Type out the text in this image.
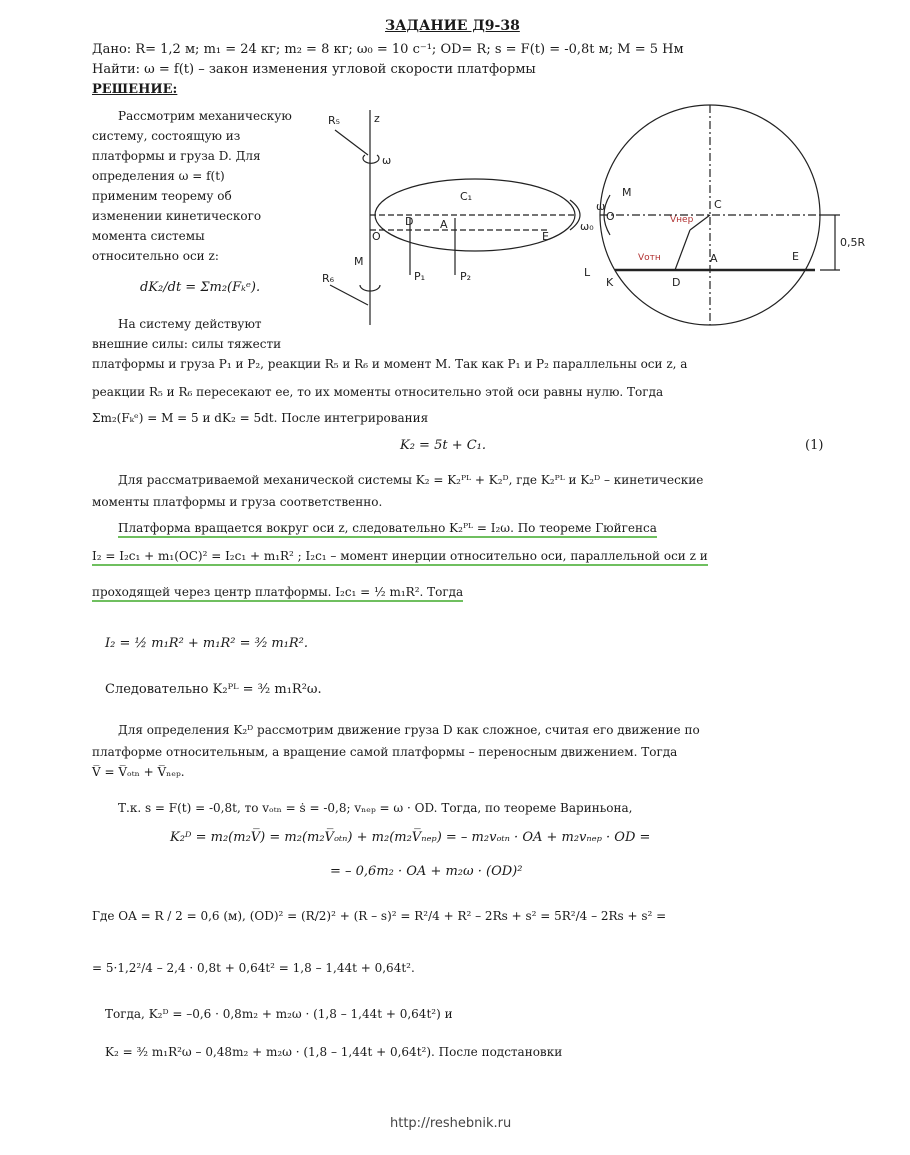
ЗАДАНИЕ Д9-38
Дано: R= 1,2 м; m₁ = 24 кг; m₂ = 8 кг; ω₀ = 10 с⁻¹; OD= R; s = F(t) = -0,8t м; M = 5 Нм
Найти: ω = f(t) – закон изменения угловой скорости платформы
РЕШЕНИЕ:
Рассмотрим механическую
систему, состоящую из
платформы и груза D. Для
определения ω = f(t)
применим теорему об
изменении кинетического
момента системы
относительно оси z:
dK₂/dt = Σm₂(Fₖᵉ).
На систему действуют
внешние силы: силы тяжести
R₅	z
ω
C₁
O
A
D
E
M
R₆	P₁	P₂
ω₀
M
O
C
A	E
L
K	D
0,5R
ω
Vнер
Vотн
платформы и груза P₁ и P₂, реакции R₅ и R₆ и момент M. Так как P₁ и P₂ параллельны оси z, а
реакции R₅ и R₆ пересекают ее, то их моменты относительно этой оси равны нулю. Тогда
Σm₂(Fₖᵉ) = M = 5 и dK₂ = 5dt. После интегрирования
K₂ = 5t + C₁.	(1)
Для рассматриваемой механической системы K₂ = K₂ᴾᴸ + K₂ᴰ, где K₂ᴾᴸ и K₂ᴰ – кинетические
моменты платформы и груза соответственно.
Платформа вращается вокруг оси z, следовательно K₂ᴾᴸ = I₂ω. По теореме Гюйгенса
I₂ = I₂c₁ + m₁(OC)² = I₂c₁ + m₁R² ; I₂c₁ – момент инерции относительно оси, параллельной оси z и
проходящей через центр платформы. I₂c₁ = ½ m₁R². Тогда
I₂ = ½ m₁R² + m₁R² = ³⁄₂ m₁R².
Следовательно K₂ᴾᴸ = ³⁄₂ m₁R²ω.
Для определения K₂ᴰ рассмотрим движение груза D как сложное, считая его движение по
платформе относительным, а вращение самой платформы – переносным движением. Тогда
V̅ = V̅ₒₜₙ + V̅ₙₑₚ.
Т.к. s = F(t) = -0,8t, то vₒₜₙ = ṡ = -0,8; vₙₑₚ = ω · OD. Тогда, по теореме Вариньона,
K₂ᴰ = m₂(m₂V̅) = m₂(m₂V̅ₒₜₙ) + m₂(m₂V̅ₙₑₚ) = – m₂vₒₜₙ · OA + m₂vₙₑₚ · OD =
= – 0,6m₂ · OA + m₂ω · (OD)²
Где OA = R / 2 = 0,6 (м), (OD)² = (R/2)² + (R – s)² = R²/4 + R² – 2Rs + s² = 5R²/4 – 2Rs + s² =
= 5·1,2²/4 – 2,4 · 0,8t + 0,64t² = 1,8 – 1,44t + 0,64t².
Тогда, K₂ᴰ = –0,6 · 0,8m₂ + m₂ω · (1,8 – 1,44t + 0,64t²) и
K₂ = ³⁄₂ m₁R²ω – 0,48m₂ + m₂ω · (1,8 – 1,44t + 0,64t²). После подстановки
http://reshebnik.ru
